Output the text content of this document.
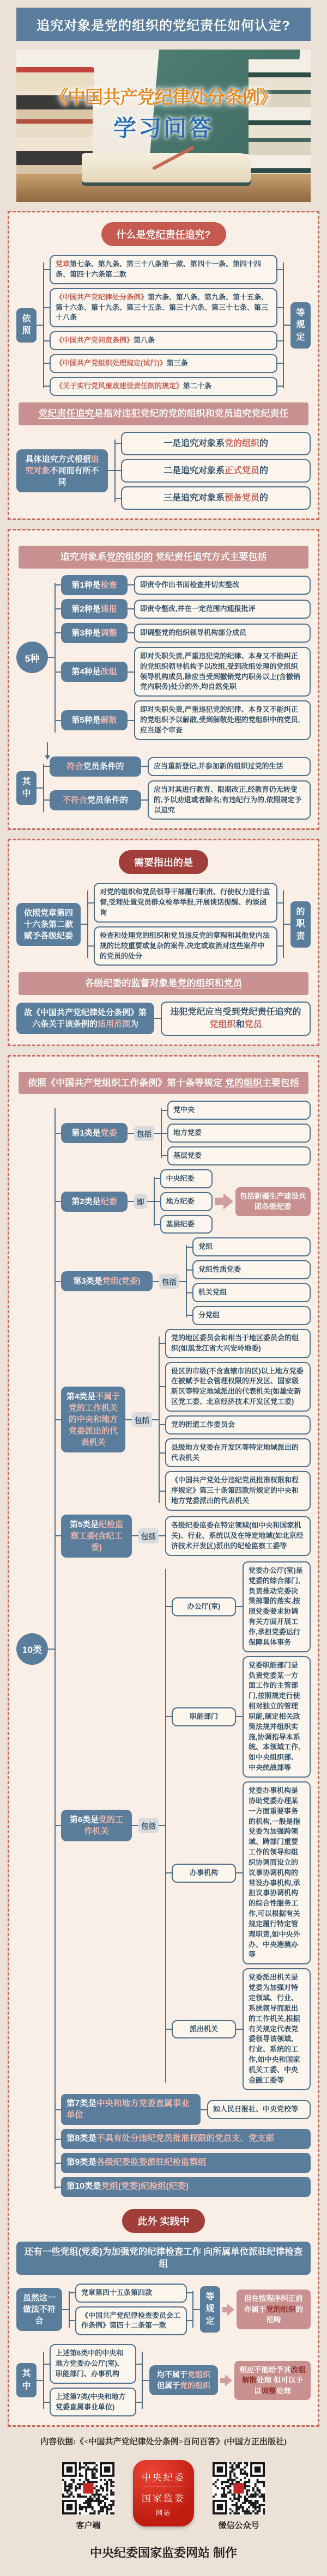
追究对象是党的组织的党纪责任如何认定?
《中国共产党纪律处分条例》
学习问答
什么是党纪责任追究?
依照
党章第七条、第九条、第三十八条第一款、第四十一条、第四十四条、第四十六条第二款
《中国共产党纪律处分条例》第六条、第八条、第九条、第十五条、第十六条、第十九条、第三十五条、第三十六条、第三十七条、第三十八条
《中国共产党问责条例》第八条
《中国共产党组织处理规定(试行)》第三条
《关于实行党风廉政建设责任制的规定》第二十条
等规定
党纪责任追究是指对违犯党纪的党的组织和党员追究党纪责任
具体追究方式根据追究对象不同而有所不同
一是追究对象系党的组织的
二是追究对象系正式党员的
三是追究对象系预备党员的
追究对象系党的组织的 党纪责任追究方式主要包括
5种
第1种是检查	即责令作出书面检查并切实整改
第2种是通报	即责令整改,并在一定范围内通报批评
第3种是调整	即调整党的组织领导机构部分成员
第4种是改组
即对失职失责,严重违犯党的纪律、本身又不能纠正的党组织领导机构予以改组,受到改组处理的党组织领导机构成员,除应当受到撤销党内职务以上(含撤销党内职务)处分的外,均自然免职
第5种是解散
即对失职失责,严重违犯党的纪律、本身又不能纠正的党组织予以解散,受到解散处理的党组织中的党员,应当逐个审查
其中
符合党员条件的	应当重新登记,并参加新的组织过党的生活
不符合党员条件的
应当对其进行教育、限期改正,经教育仍无转变的,予以劝退或者除名;有违纪行为的,依照规定予以追究
需要指出的是
依照党章第四十六条第二款赋予各级纪委
对党的组织和党员领导干部履行职责、行使权力进行监督,受理处置党员群众检举举报,开展谈话提醒、约谈函询
检查和处理党的组织和党员违反党的章程和其他党内法规的比较重要或复杂的案件,决定或取消对这些案件中的党员的处分
的职责
各级纪委的监督对象是党的组织和党员
故《中国共产党纪律处分条例》第六条关于该条例的适用范围为
违犯党纪应当受到党纪责任追究的党组织和党员
依照《中国共产党组织工作条例》第十条等规定 党的组织主要包括
10类
第1类是党委	包括
党中央
地方党委
基层党委
第2类是纪委	即
中央纪委
地方纪委
基层纪委
包括新疆生产建设兵团各级纪委
第3类是党组(党委)	包括
党组
党组性质党委
机关党组
分党组
第4类是不属于党的工作机关的中央和地方党委派出的代表机关
包括
党的地区委员会和相当于地区委员会的组织(如黑龙江省大兴安岭地委)
设区的市级(不含直辖市的区)以上地方党委在被赋予社会管理权限的开发区、国家级新区等特定地域派出的代表机关(如雄安新区党工委、北京经济技术开发区党工委)
党的街道工作委员会
县级地方党委在开发区等特定地域派出的代表机关
《中国共产党处分违纪党员批准权限和程序规定》第三十条第四款所规定的中央和地方党委派出的代表机关
第5类是纪检监察工委(含纪工委)
包括
各级纪委监委在特定领域(如中央和国家机关)、行业、系统以及在特定地域(如北京经济技术开发区)派出的纪检监察工委等
第6类是党的工作机关
包括
办公厅(室)
党委办公厅(室)是党委的综合部门,负责推动党委决策部署的落实,按照党委要求协调有关方面开展工作,承担党委运行保障具体事务
职能部门
党委职能部门是负责党委某一方面工作的主管部门,按照规定行使相对独立的管理职能,制定相关政策法规并组织实施,协调指导本系统、本领域工作,如中央组织部、中央统战部等
办事机构
党委办事机构是协助党委办理某一方面重要事务的机构,一般是指党委为加强跨领域、跨部门重要工作的领导和组织协调而设立的议事协调机构的常设办事机构,承担议事协调机构的综合性服务工作,可以根据有关规定履行特定管理职责,如中央外办、中央港澳办等
派出机关
党委派出机关是党委为加强对特定领域、行业、系统领导而派出的工作机关,根据有关规定代表党委领导该领域、行业、系统的工作,如中央和国家机关工委、中央金融工委等
第7类是中央和地方党委直属事业单位
如人民日报社、中央党校等
第8类是不具有处分违纪党员批准权限的党总支、党支部
第9类是各级纪委监委派驻纪检监察组
第10类是党组(党委)纪检组(纪委)
此外 实践中
还有一些党组(党委)为加强党的纪律检查工作 向所属单位派驻纪律检查组
虽然这一做法不符合
党章第四十五条第四款
《中国共产党纪律检查委员会工作条例》第四十二条第一款
等规定
但在按程序纠正前亦属于党的组织的范畴
其中
上述第6类中的中央和地方党委办公厅(室)、职能部门、办事机构
上述第7类(中央和地方党委直属事业单位)
均不属于党组织但属于党的组织
相应不能给予其改组 解散处理 但可以予以调整处理
内容依据:《<中国共产党纪律处分条例>百问百答》(中国方正出版社)
客户端
中央纪委
国家监委
网站
微信公众号
中央纪委国家监委网站 制作
